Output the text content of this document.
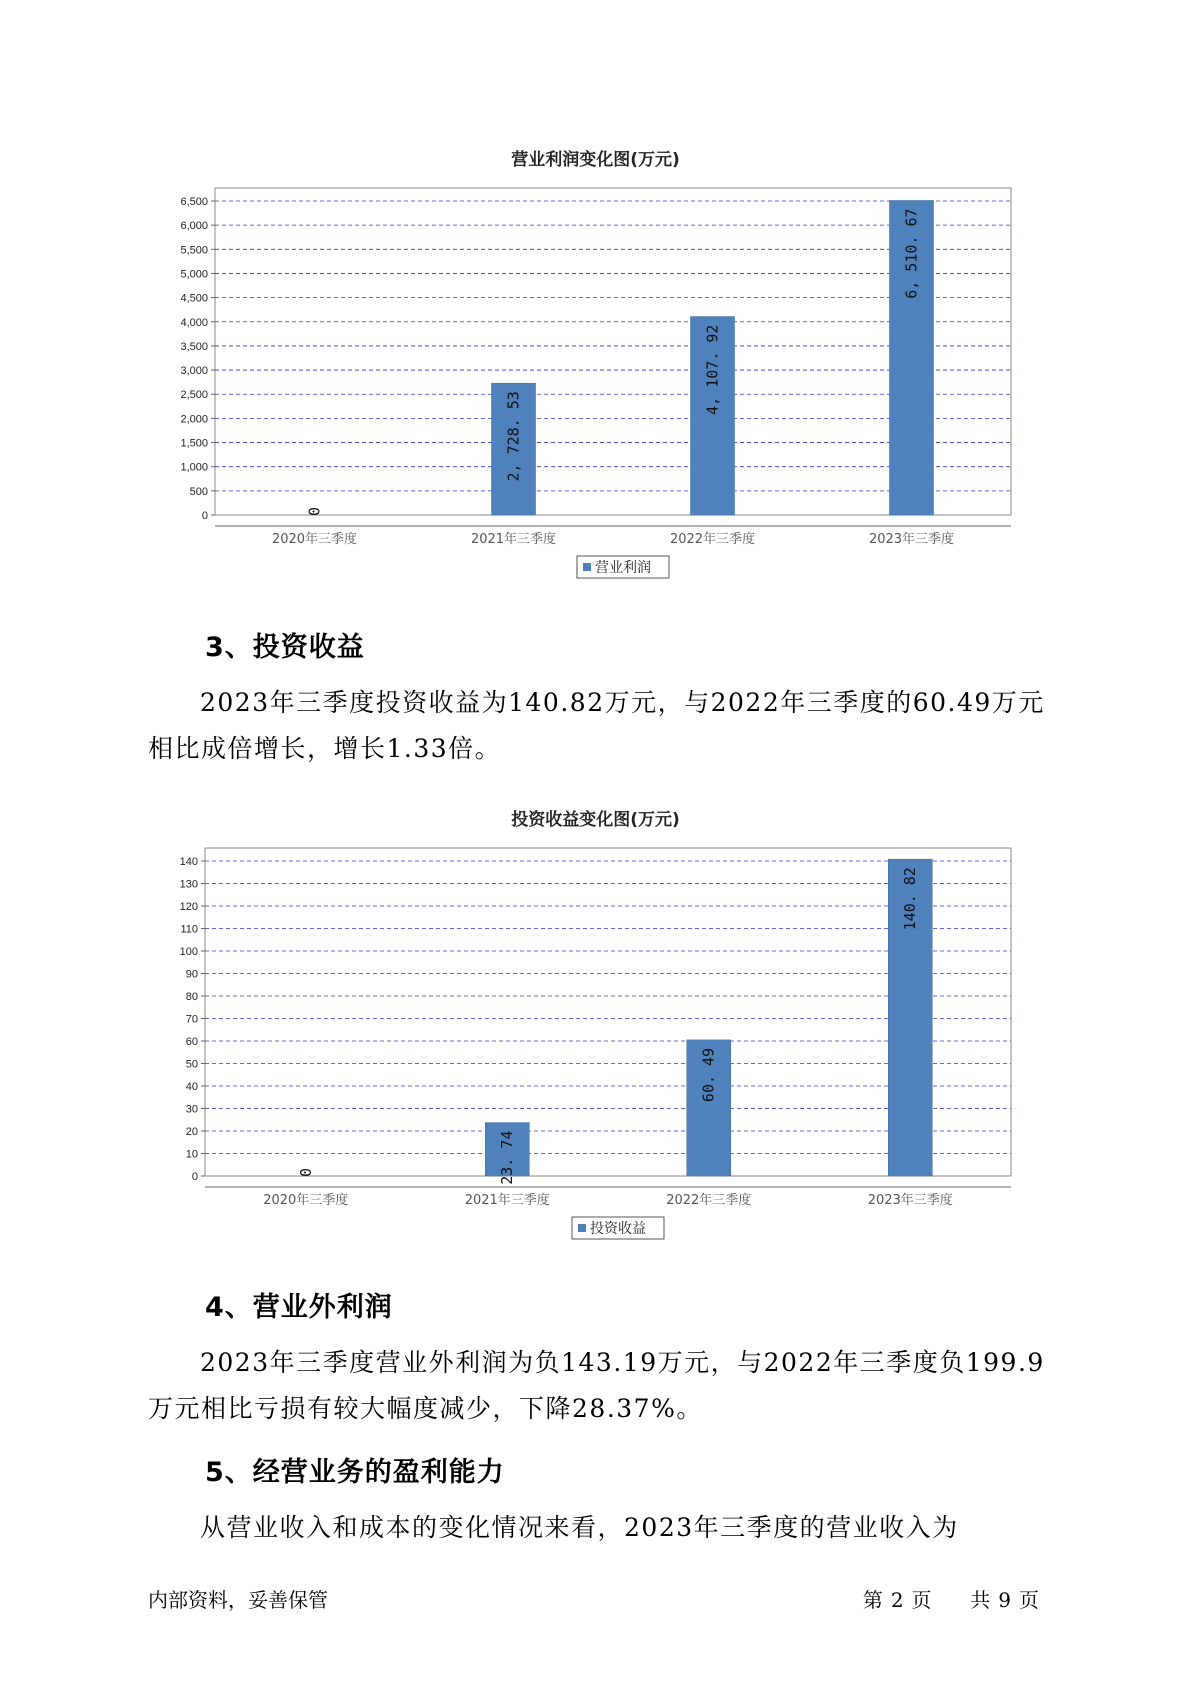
营业利润变化图(万元)
0
500
1,000
1,500
2,000
2,500
3,000
3,500
4,000
4,500
5,000
5,500
6,000
6,500
2020年三季度
0
2021年三季度
2, 728. 53
2022年三季度
4, 107. 92
2023年三季度
6, 510. 67
营业利润
3、投资收益

2023年三季度投资收益为140.82万元，与2022年三季度的60.49万元相比成倍增长，增长1.33倍。

投资收益变化图(万元)
0
10
20
30
40
50
60
70
80
90
100
110
120
130
140
2020年三季度
0
2021年三季度
23. 74
2022年三季度
60. 49
2023年三季度
140. 82
投资收益
4、营业外利润

2023年三季度营业外利润为负143.19万元，与2022年三季度负199.9万元相比亏损有较大幅度减少，下降28.37%。

5、经营业务的盈利能力

从营业收入和成本的变化情况来看，2023年三季度的营业收入为

内部资料，妥善保管	第 2 页 共 9 页
